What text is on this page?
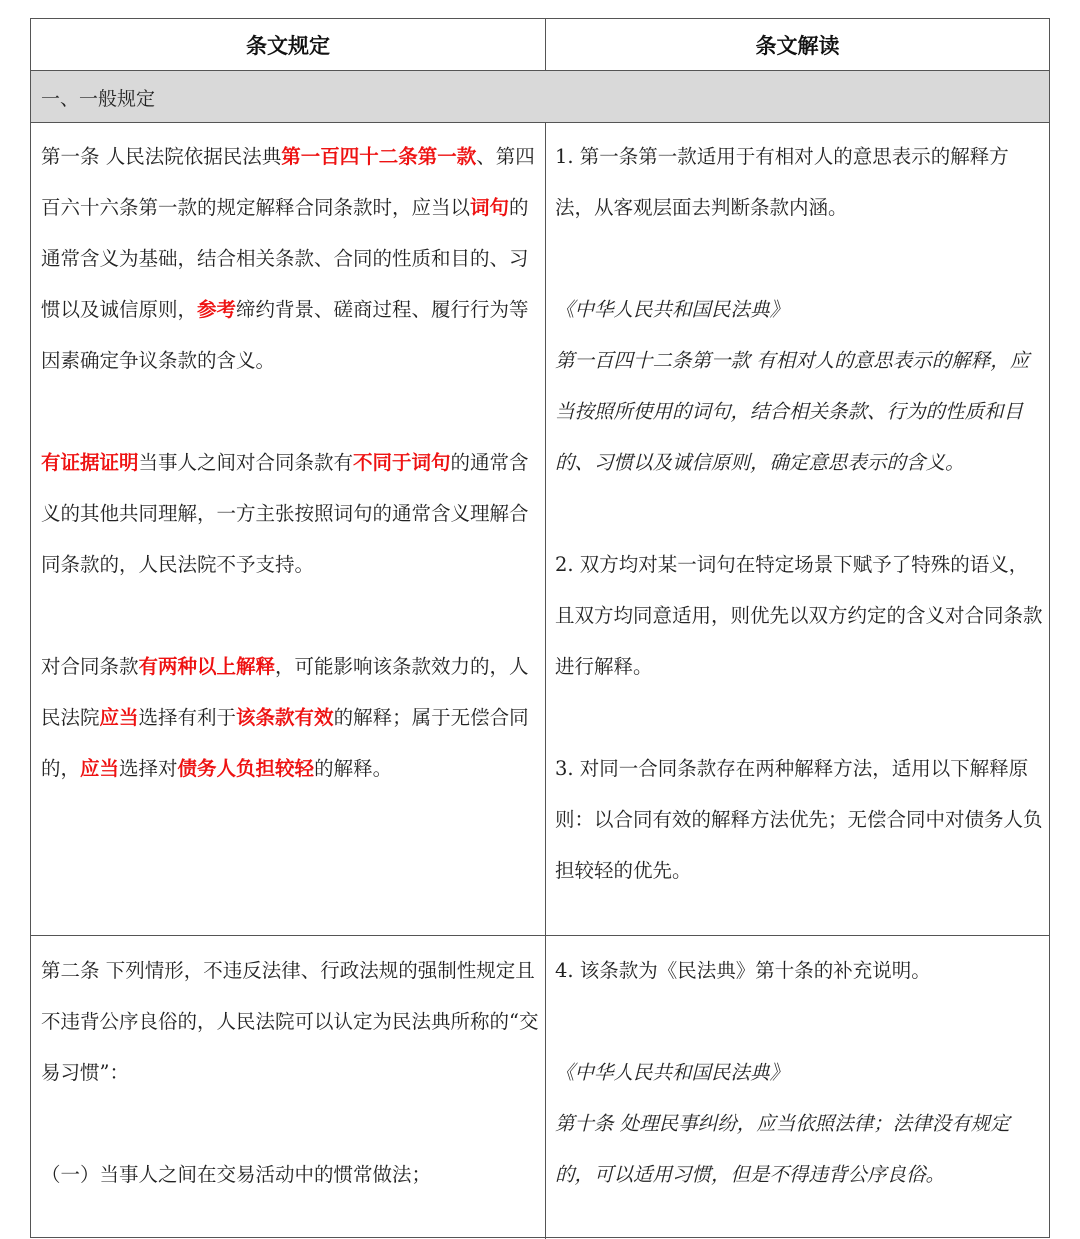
条文规定	条文解读
一、一般规定

第一条 人民法院依据民法典第一百四十二条第一款、第四百六十六条第一款的规定解释合同条款时，应当以词句的通常含义为基础，结合相关条款、合同的性质和目的、习惯以及诚信原则，参考缔约背景、磋商过程、履行行为等因素确定争议条款的含义。

有证据证明当事人之间对合同条款有不同于词句的通常含义的其他共同理解，一方主张按照词句的通常含义理解合同条款的，人民法院不予支持。

对合同条款有两种以上解释，可能影响该条款效力的，人民法院应当选择有利于该条款有效的解释；属于无偿合同的，应当选择对债务人负担较轻的解释。

1. 第一条第一款适用于有相对人的意思表示的解释方法，从客观层面去判断条款内涵。

《中华人民共和国民法典》

第一百四十二条第一款 有相对人的意思表示的解释，应当按照所使用的词句，结合相关条款、行为的性质和目的、习惯以及诚信原则，确定意思表示的含义。

2. 双方均对某一词句在特定场景下赋予了特殊的语义，且双方均同意适用，则优先以双方约定的含义对合同条款进行解释。

3. 对同一合同条款存在两种解释方法，适用以下解释原则：以合同有效的解释方法优先；无偿合同中对债务人负担较轻的优先。

第二条 下列情形，不违反法律、行政法规的强制性规定且不违背公序良俗的，人民法院可以认定为民法典所称的“交易习惯”：

（一）当事人之间在交易活动中的惯常做法；

4. 该条款为《民法典》第十条的补充说明。

《中华人民共和国民法典》

第十条 处理民事纠纷，应当依照法律；法律没有规定的，可以适用习惯，但是不得违背公序良俗。
